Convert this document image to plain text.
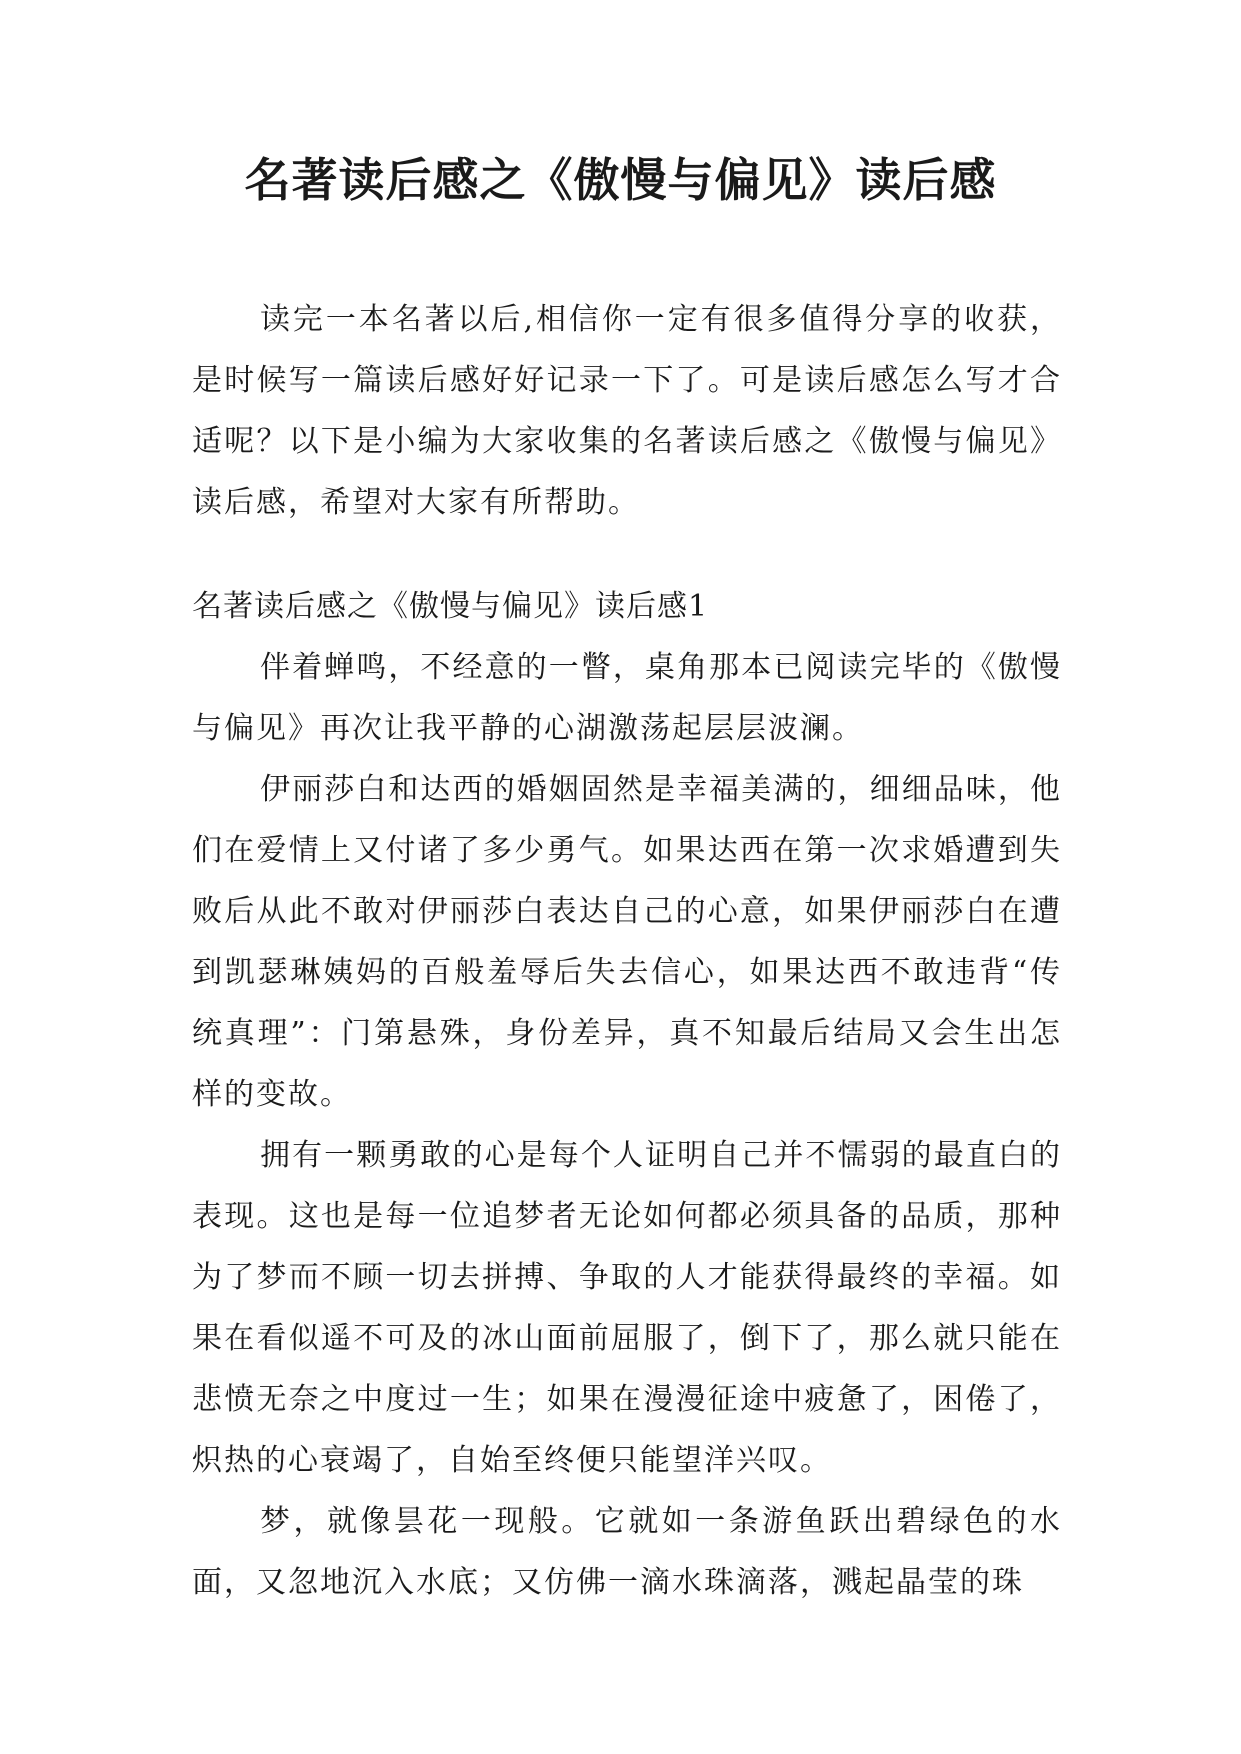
名著读后感之《傲慢与偏见》读后感

读完一本名著以后,相信你一定有很多值得分享的收获，是时候写一篇读后感好好记录一下了。可是读后感怎么写才合适呢？以下是小编为大家收集的名著读后感之《傲慢与偏见》读后感，希望对大家有所帮助。

名著读后感之《傲慢与偏见》读后感1

伴着蝉鸣，不经意的一瞥，桌角那本已阅读完毕的《傲慢与偏见》再次让我平静的心湖激荡起层层波澜。

伊丽莎白和达西的婚姻固然是幸福美满的，细细品味，他们在爱情上又付诸了多少勇气。如果达西在第一次求婚遭到失败后从此不敢对伊丽莎白表达自己的心意，如果伊丽莎白在遭到凯瑟琳姨妈的百般羞辱后失去信心，如果达西不敢违背“传统真理”：门第悬殊，身份差异，真不知最后结局又会生出怎样的变故。

拥有一颗勇敢的心是每个人证明自己并不懦弱的最直白的表现。这也是每一位追梦者无论如何都必须具备的品质，那种为了梦而不顾一切去拼搏、争取的人才能获得最终的幸福。如果在看似遥不可及的冰山面前屈服了，倒下了，那么就只能在悲愤无奈之中度过一生；如果在漫漫征途中疲惫了，困倦了，炽热的心衰竭了，自始至终便只能望洋兴叹。

梦，就像昙花一现般。它就如一条游鱼跃出碧绿色的水面，又忽地沉入水底；又仿佛一滴水珠滴落，溅起晶莹的珠
